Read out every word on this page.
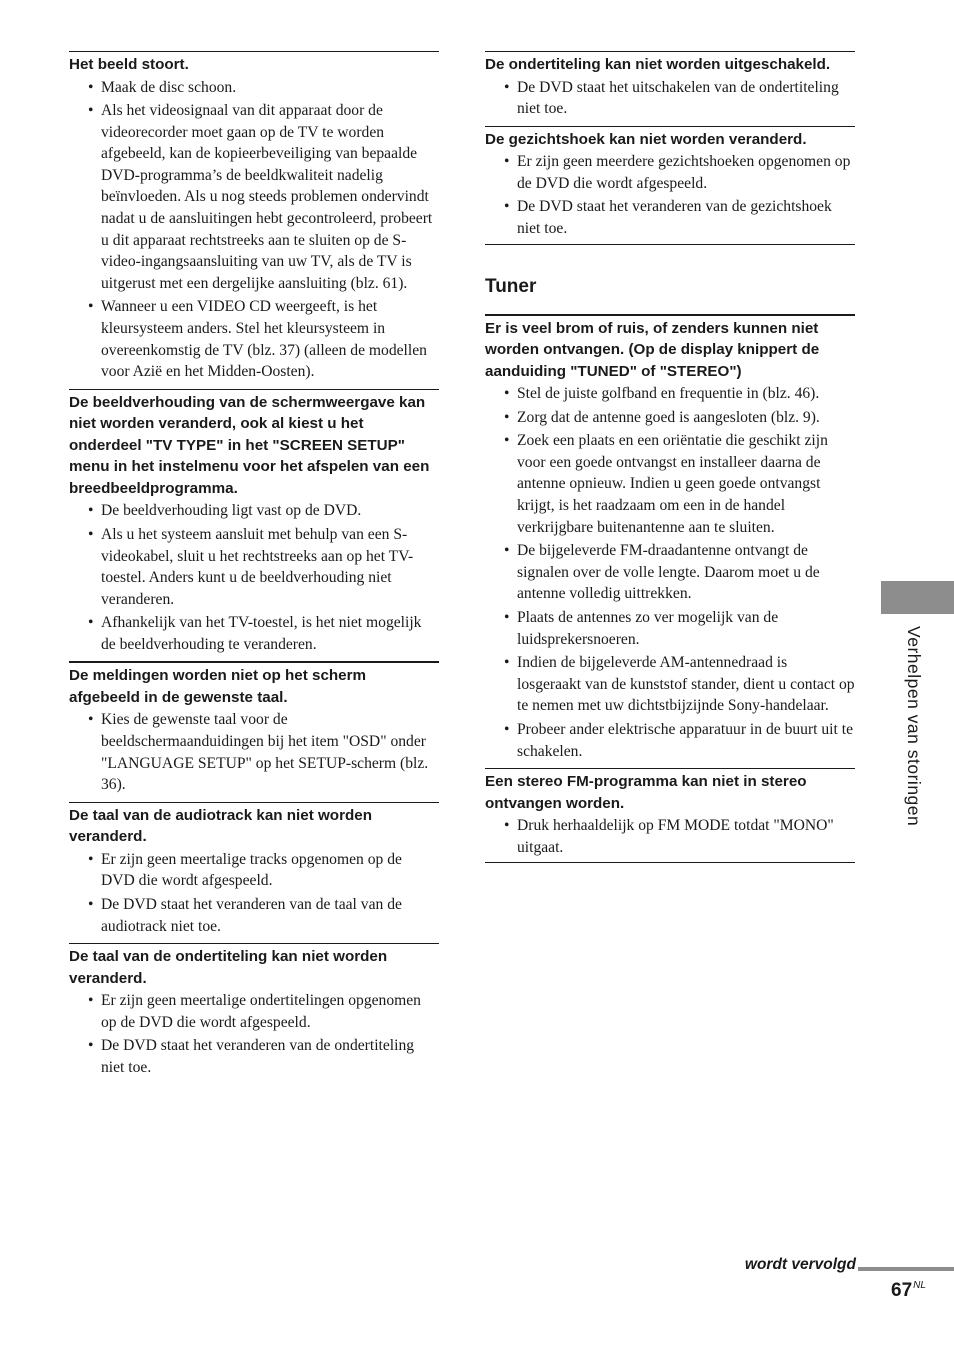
Het beeld stoort.
• Maak de disc schoon.
• Als het videosignaal van dit apparaat door de videorecorder moet gaan op de TV te worden afgebeeld, kan de kopieerbeveiliging van bepaalde DVD-programma’s de beeldkwaliteit nadelig beïnvloeden. Als u nog steeds problemen ondervindt nadat u de aansluitingen hebt gecontroleerd, probeert u dit apparaat rechtstreeks aan te sluiten op de S-video-ingangsaansluiting van uw TV, als de TV is uitgerust met een dergelijke aansluiting (blz. 61).
• Wanneer u een VIDEO CD weergeeft, is het kleursysteem anders. Stel het kleursysteem in overeenkomstig de TV (blz. 37) (alleen de modellen voor Azië en het Midden-Oosten).
De beeldverhouding van de schermweergave kan niet worden veranderd, ook al kiest u het onderdeel "TV TYPE" in het "SCREEN SETUP" menu in het instelmenu voor het afspelen van een breedbeeldprogramma.
• De beeldverhouding ligt vast op de DVD.
• Als u het systeem aansluit met behulp van een S-videokabel, sluit u het rechtstreeks aan op het TV-toestel. Anders kunt u de beeldverhouding niet veranderen.
• Afhankelijk van het TV-toestel, is het niet mogelijk de beeldverhouding te veranderen.
De meldingen worden niet op het scherm afgebeeld in de gewenste taal.
• Kies de gewenste taal voor de beeldschermaanduidingen bij het item "OSD" onder "LANGUAGE SETUP" op het SETUP-scherm (blz. 36).
De taal van de audiotrack kan niet worden veranderd.
• Er zijn geen meertalige tracks opgenomen op de DVD die wordt afgespeeld.
• De DVD staat het veranderen van de taal van de audiotrack niet toe.
De taal van de ondertiteling kan niet worden veranderd.
• Er zijn geen meertalige ondertitelingen opgenomen op de DVD die wordt afgespeeld.
• De DVD staat het veranderen van de ondertiteling niet toe.
De ondertiteling kan niet worden uitgeschakeld.
• De DVD staat het uitschakelen van de ondertiteling niet toe.
De gezichtshoek kan niet worden veranderd.
• Er zijn geen meerdere gezichtshoeken opgenomen op de DVD die wordt afgespeeld.
• De DVD staat het veranderen van de gezichtshoek niet toe.
Tuner
Er is veel brom of ruis, of zenders kunnen niet worden ontvangen. (Op de display knippert de aanduiding "TUNED" of "STEREO")
• Stel de juiste golfband en frequentie in (blz. 46).
• Zorg dat de antenne goed is aangesloten (blz. 9).
• Zoek een plaats en een oriëntatie die geschikt zijn voor een goede ontvangst en installeer daarna de antenne opnieuw. Indien u geen goede ontvangst krijgt, is het raadzaam om een in de handel verkrijgbare buitenantenne aan te sluiten.
• De bijgeleverde FM-draadantenne ontvangt de signalen over de volle lengte. Daarom moet u de antenne volledig uittrekken.
• Plaats de antennes zo ver mogelijk van de luidsprekersnoeren.
• Indien de bijgeleverde AM-antennedraad is losgeraakt van de kunststof stander, dient u contact op te nemen met uw dichtstbijzijnde Sony-handelaar.
• Probeer ander elektrische apparatuur in de buurt uit te schakelen.
Een stereo FM-programma kan niet in stereo ontvangen worden.
• Druk herhaaldelijk op FM MODE totdat "MONO" uitgaat.
Verhelpen van storingen
wordt vervolgd
$67^{NL}$
